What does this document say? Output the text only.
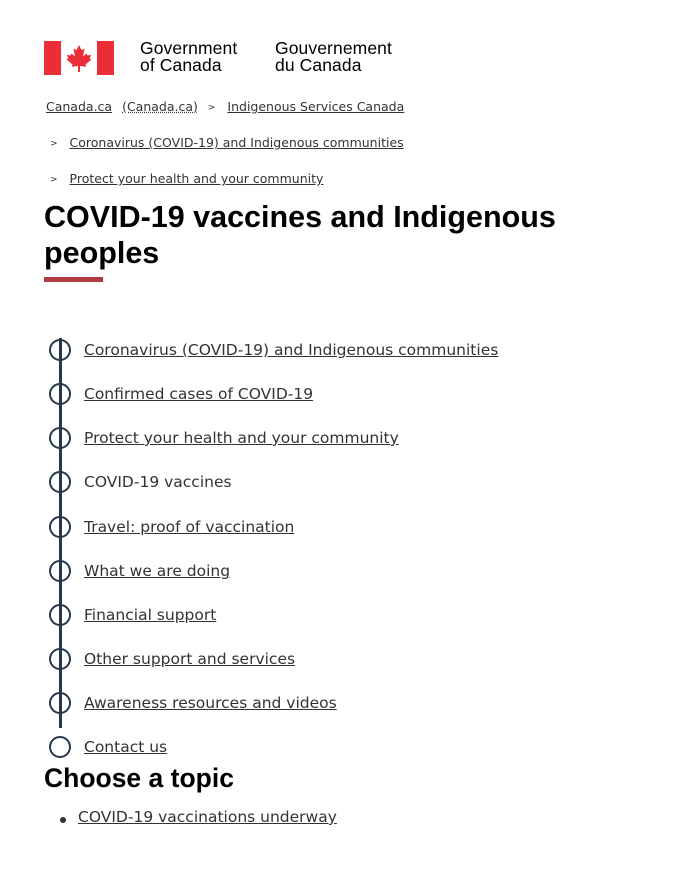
Government
of Canada
Gouvernement
du Canada
Canada.ca (Canada.ca) > Indigenous Services Canada
> Coronavirus (COVID-19) and Indigenous communities
> Protect your health and your community
COVID-19 vaccines and Indigenous peoples
Coronavirus (COVID-19) and Indigenous communities
Confirmed cases of COVID-19
Protect your health and your community
COVID-19 vaccines
Travel: proof of vaccination
What we are doing
Financial support
Other support and services
Awareness resources and videos
Contact us
Choose a topic
COVID-19 vaccinations underway
